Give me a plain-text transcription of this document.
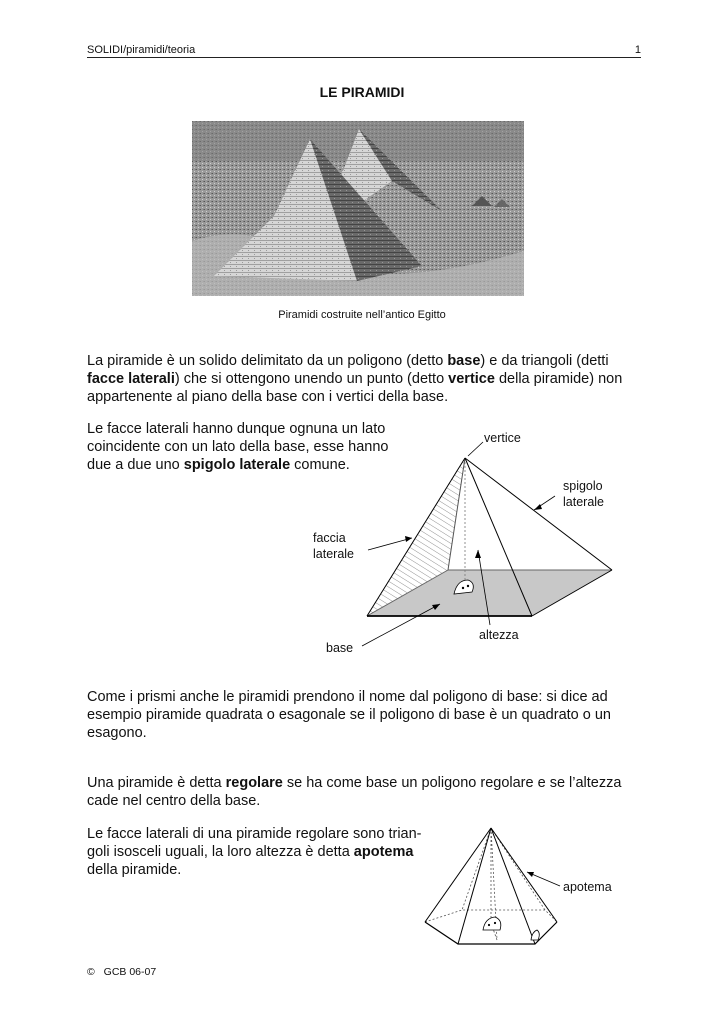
SOLIDI/piramidi/teoria	1
LE PIRAMIDI
Piramidi costruite nell’antico Egitto

La piramide è un solido delimitato da un poligono (detto base) e da triangoli (detti facce laterali) che si ottengono unendo un punto (detto vertice della piramide) non appartenente al piano della base con i vertici della base.

Le facce laterali hanno dunque ognuna un lato coincidente con un lato della base, esse hanno due a due uno spigolo laterale comune.

vertice
spigolo
laterale
faccia
laterale
base
altezza

Come i prismi anche le piramidi prendono il nome dal poligono di base: si dice ad esempio piramide quadrata o esagonale se il poligono di base è un quadrato o un esagono.

Una piramide è detta regolare se ha come base un poligono regolare e se l’altezza cade nel centro della base.

Le facce laterali di una piramide regolare sono trian-goli isosceli uguali, la loro altezza è detta apotema della piramide.

apotema
© GCB 06-07
